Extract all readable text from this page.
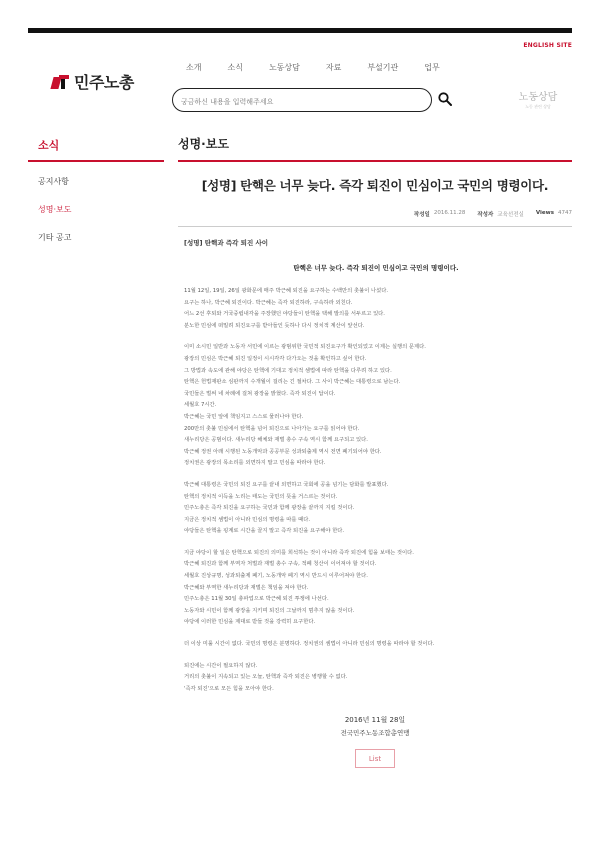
ENGLISH SITE
민주노총
소개	소식	노동상담	자료	부설기관	업무
궁금하신 내용을 입력해주세요
노동상담
노동 관련 상담
소식
공지사항
성명·보도
기타 공고
성명·보도
[성명] 탄핵은 너무 늦다. 즉각 퇴진이 민심이고 국민의 명령이다.
작성일 2016.11.28 작성자 교육선전실 Views 4747
[성명] 탄핵과 즉각 퇴진 사이
탄핵은 너무 늦다. 즉각 퇴진이 민심이고 국민의 명령이다.

11월 12일, 19일, 26일 광화문에 매주 박근혜 퇴진을 요구하는 수백만의 촛불이 나섰다.

요구는 하나, 박근혜 퇴진이다. 박근혜는 즉각 퇴진하라, 구속하라 외친다.

어느 2선 후퇴와 거국중립내각을 주장했던 야당들이 탄핵을 택해 발의를 서두르고 있다.

분노한 민심에 떠밀려 퇴진요구를 받아들인 듯하나 다시 정치적 계산이 앞선다.

이미 소시민 일반과 노동자 서민에 이르는 광범위한 국민적 퇴진요구가 확인되었고 이제는 실행의 문제다.

광장의 민심은 박근혜 퇴진 일정이 시시각각 다가오는 것을 확인하고 싶어 한다.

그 방법과 속도에 관해 야당은 탄핵에 기대고 정치적 셈법에 따라 탄핵을 다루려 하고 있다.

탄핵은 헌법재판소 심판까지 수개월이 걸리는 긴 절차다. 그 사이 박근혜는 대통령으로 남는다.

국민들은 벌써 네 차례에 걸쳐 광장을 밝혔다. 즉각 퇴진이 답이다.

세월호 7시간.

박근혜는 국민 앞에 책임지고 스스로 물러나야 한다.

200만의 촛불 민심에서 탄핵을 넘어 퇴진으로 나아가는 요구를 읽어야 한다.

새누리당은 공범이다. 새누리당 해체와 재벌 총수 구속 역시 함께 요구되고 있다.

박근혜 정권 아래 시행된 노동개악과 공공부문 성과퇴출제 역시 전면 폐기되어야 한다.

정치권은 광장의 목소리를 외면하지 말고 민심을 따라야 한다.

박근혜 대통령은 국민의 퇴진 요구를 끝내 외면하고 국회에 공을 넘기는 담화를 발표했다.

탄핵의 정치적 이득을 노리는 태도는 국민의 뜻을 거스르는 것이다.

민주노총은 즉각 퇴진을 요구하는 국민과 함께 광장을 끝까지 지킬 것이다.

지금은 정치적 셈법이 아니라 민심의 명령을 따를 때다.

야당들은 탄핵을 핑계로 시간을 끌지 말고 즉각 퇴진을 요구해야 한다.

지금 야당이 할 일은 탄핵으로 퇴진의 의미를 희석하는 것이 아니라 즉각 퇴진에 힘을 보태는 것이다.

박근혜 퇴진과 함께 부역자 처벌과 재벌 총수 구속, 적폐 청산이 이어져야 할 것이다.

세월호 진상규명, 성과퇴출제 폐기, 노동개악 폐기 역시 반드시 이루어져야 한다.

박근혜와 부역한 새누리당과 재벌은 책임을 져야 한다.

민주노총은 11월 30일 총파업으로 박근혜 퇴진 투쟁에 나선다.

노동자와 시민이 함께 광장을 지키며 퇴진의 그날까지 멈추지 않을 것이다.

야당에 이러한 민심을 제대로 받들 것을 강력히 요구한다.

더 이상 미룰 시간이 없다. 국민의 명령은 분명하다. 정치권의 셈법이 아니라 민심의 명령을 따라야 할 것이다.

퇴진에는 시간이 필요하지 않다.

거리의 촛불이 지속되고 있는 오늘, 탄핵과 즉각 퇴진은 병행할 수 없다.

'즉각 퇴진'으로 모든 힘을 모아야 한다.

2016년 11월 28일
전국민주노동조합총연맹
List
